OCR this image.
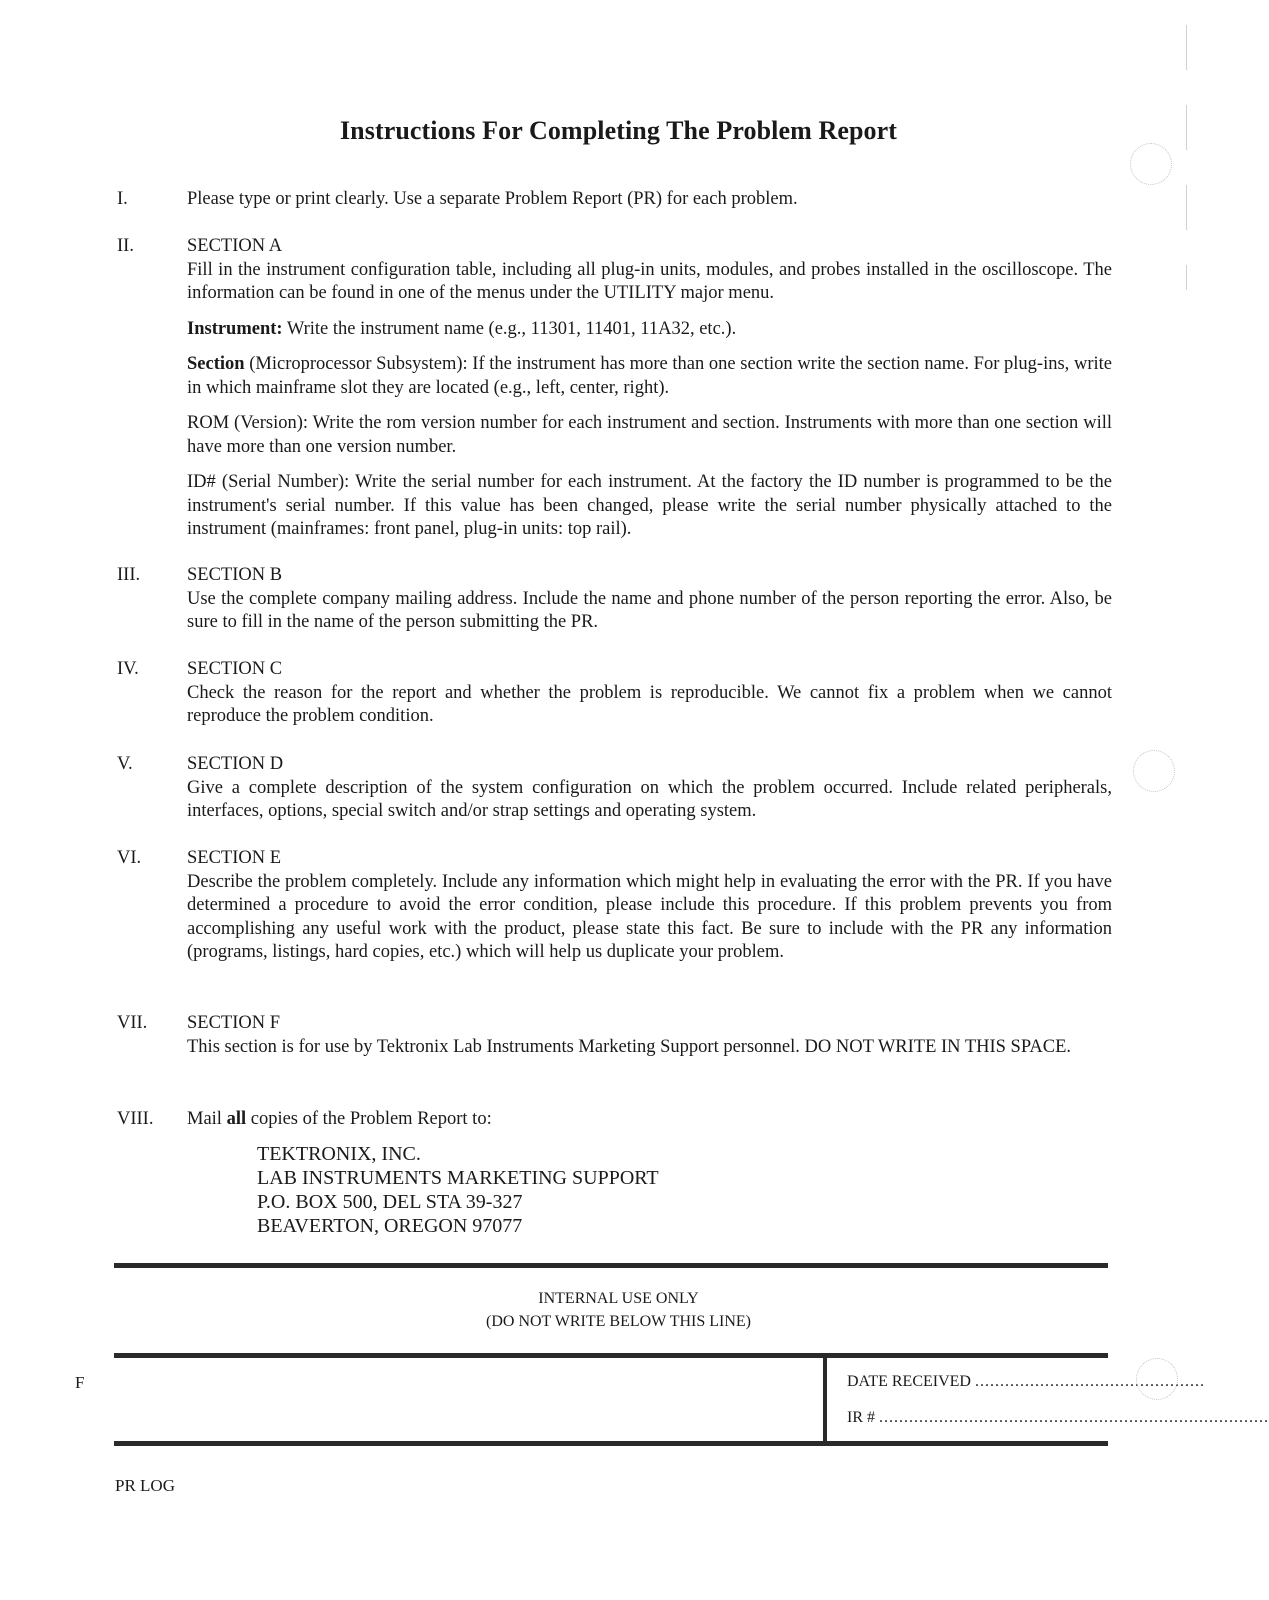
Instructions For Completing The Problem Report
I.	Please type or print clearly. Use a separate Problem Report (PR) for each problem.

II.	SECTION A

Fill in the instrument configuration table, including all plug-in units, modules, and probes installed in the oscilloscope. The information can be found in one of the menus under the UTILITY major menu.

Instrument: Write the instrument name (e.g., 11301, 11401, 11A32, etc.).

Section (Microprocessor Subsystem): If the instrument has more than one section write the section name. For plug-ins, write in which mainframe slot they are located (e.g., left, center, right).

ROM (Version): Write the rom version number for each instrument and section. Instruments with more than one section will have more than one version number.

ID# (Serial Number): Write the serial number for each instrument. At the factory the ID number is programmed to be the instrument's serial number. If this value has been changed, please write the serial number physically attached to the instrument (mainframes: front panel, plug-in units: top rail).

III.	SECTION B

Use the complete company mailing address. Include the name and phone number of the person reporting the error. Also, be sure to fill in the name of the person submitting the PR.

IV.	SECTION C

Check the reason for the report and whether the problem is reproducible. We cannot fix a problem when we cannot reproduce the problem condition.

V.	SECTION D

Give a complete description of the system configuration on which the problem occurred. Include related peripherals, interfaces, options, special switch and/or strap settings and operating system.

VI. SECTION E

Describe the problem completely. Include any information which might help in evaluating the error with the PR. If you have determined a procedure to avoid the error condition, please include this procedure. If this problem prevents you from accomplishing any useful work with the product, please state this fact. Be sure to include with the PR any information (programs, listings, hard copies, etc.) which will help us duplicate your problem.

VII. SECTION F

This section is for use by Tektronix Lab Instruments Marketing Support personnel. DO NOT WRITE IN THIS SPACE.

VIII. Mail all copies of the Problem Report to:

TEKTRONIX, INC.
LAB INSTRUMENTS MARKETING SUPPORT
P.O. BOX 500, DEL STA 39-327
BEAVERTON, OREGON 97077
INTERNAL USE ONLY
(DO NOT WRITE BELOW THIS LINE)
DATE RECEIVED ..............................................
IR # ..............................................................................
F
PR LOG
